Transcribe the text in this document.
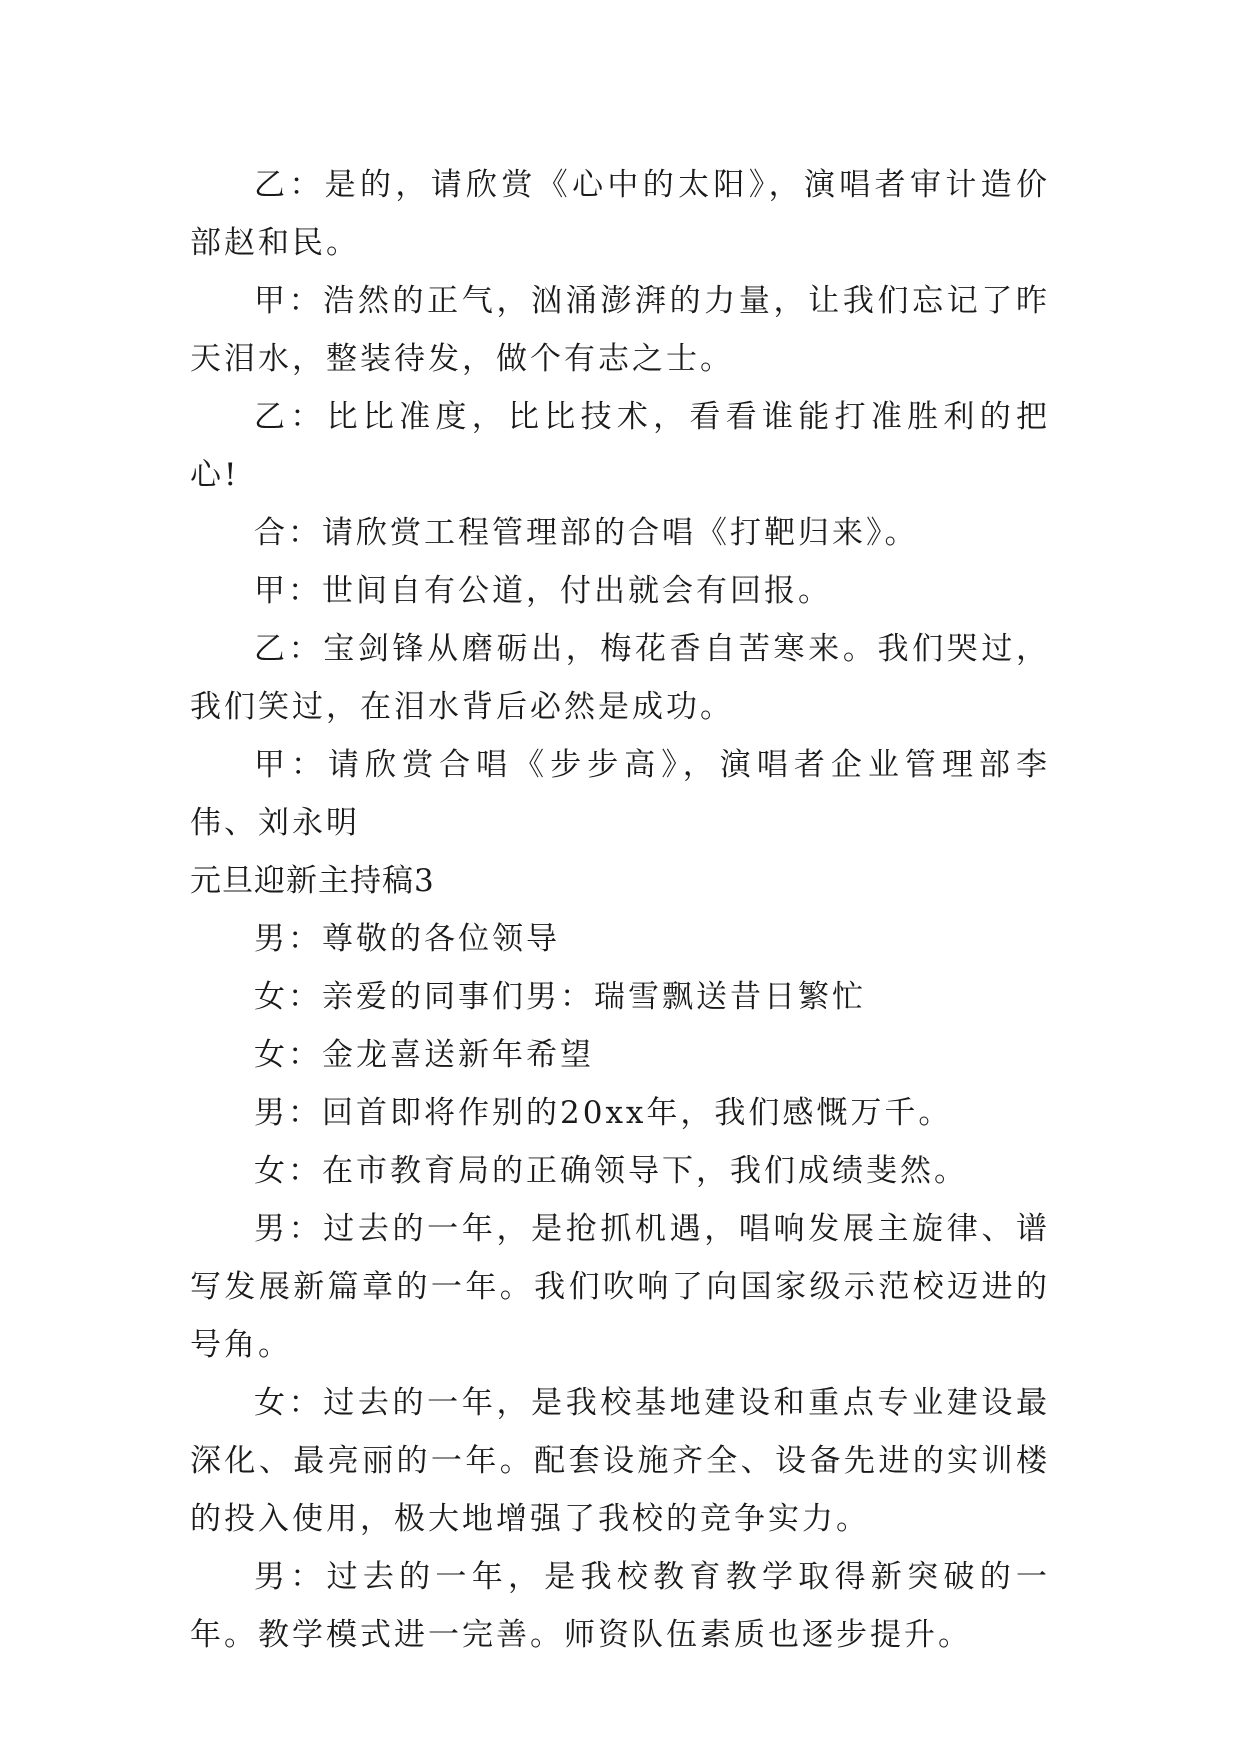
乙：是的，请欣赏《心中的太阳》，演唱者审计造价部赵和民。

甲：浩然的正气，汹涌澎湃的力量，让我们忘记了昨天泪水，整装待发，做个有志之士。

乙：比比准度，比比技术，看看谁能打准胜利的把心!

合：请欣赏工程管理部的合唱《打靶归来》。

甲：世间自有公道，付出就会有回报。

乙：宝剑锋从磨砺出，梅花香自苦寒来。我们哭过，我们笑过，在泪水背后必然是成功。

甲：请欣赏合唱《步步高》，演唱者企业管理部李伟、刘永明

元旦迎新主持稿3

男：尊敬的各位领导

女：亲爱的同事们男：瑞雪飘送昔日繁忙

女：金龙喜送新年希望

男：回首即将作别的20xx年，我们感慨万千。

女：在市教育局的正确领导下，我们成绩斐然。

男：过去的一年，是抢抓机遇，唱响发展主旋律、谱写发展新篇章的一年。我们吹响了向国家级示范校迈进的号角。

女：过去的一年，是我校基地建设和重点专业建设最深化、最亮丽的一年。配套设施齐全、设备先进的实训楼的投入使用，极大地增强了我校的竞争实力。

男：过去的一年，是我校教育教学取得新突破的一年。教学模式进一完善。师资队伍素质也逐步提升。
